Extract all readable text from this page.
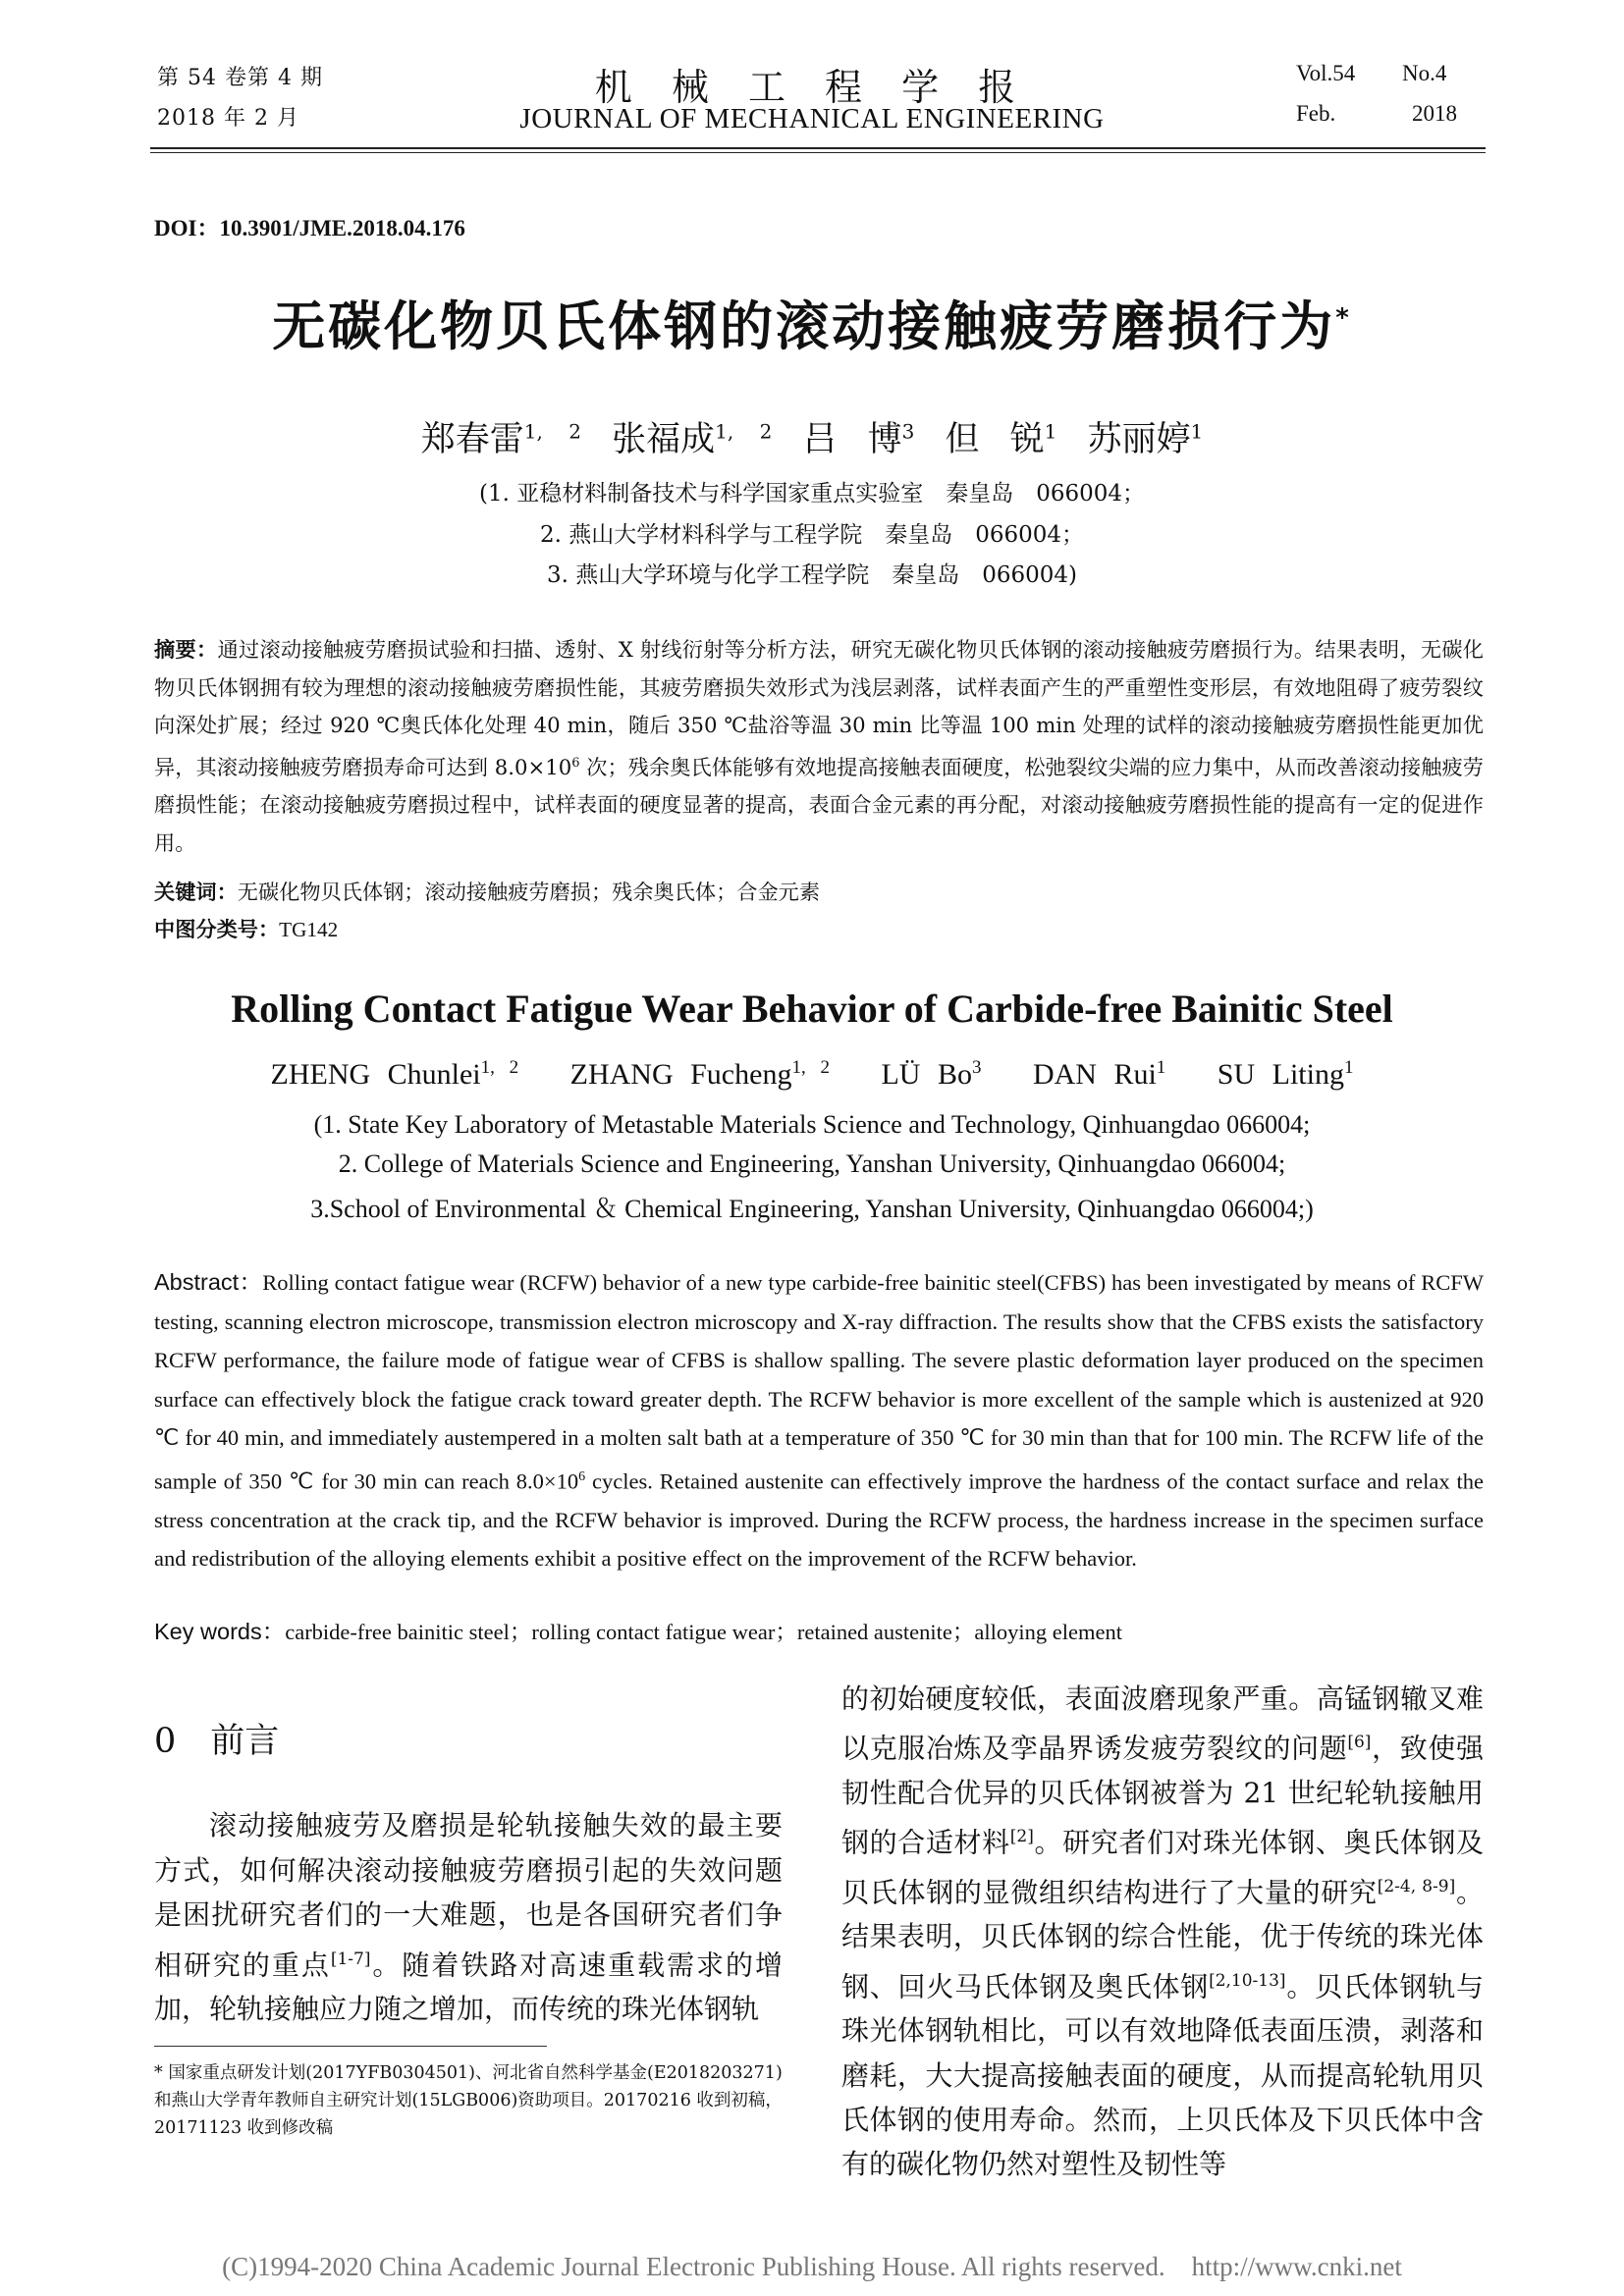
第 54 卷第 4 期
2018 年 2 月
机 械 工 程 学 报
JOURNAL OF MECHANICAL ENGINEERING
Vol.54 No.4
Feb.	2018
DOI：10.3901/JME.2018.04.176
无碳化物贝氏体钢的滚动接触疲劳磨损行为*
郑春雷$^{1, 2}$ 张福成$^{1, 2}$ 吕 博$^3$ 但 锐$^1$ 苏丽婷$^1$
(1. 亚稳材料制备技术与科学国家重点实验室　秦皇岛　066004；
2. 燕山大学材料科学与工程学院　秦皇岛　066004；
3. 燕山大学环境与化学工程学院　秦皇岛　066004)
摘要：通过滚动接触疲劳磨损试验和扫描、透射、X 射线衍射等分析方法，研究无碳化物贝氏体钢的滚动接触疲劳磨损行为。结果表明，无碳化物贝氏体钢拥有较为理想的滚动接触疲劳磨损性能，其疲劳磨损失效形式为浅层剥落，试样表面产生的严重塑性变形层，有效地阻碍了疲劳裂纹向深处扩展；经过 920 ℃奥氏体化处理 40 min，随后 350 ℃盐浴等温 30 min 比等温 100 min 处理的试样的滚动接触疲劳磨损性能更加优异，其滚动接触疲劳磨损寿命可达到 $8.0\times 10^6$ 次；残余奥氏体能够有效地提高接触表面硬度，松弛裂纹尖端的应力集中，从而改善滚动接触疲劳磨损性能；在滚动接触疲劳磨损过程中，试样表面的硬度显著的提高，表面合金元素的再分配，对滚动接触疲劳磨损性能的提高有一定的促进作用。
关键词：无碳化物贝氏体钢；滚动接触疲劳磨损；残余奥氏体；合金元素
中图分类号：TG142
Rolling Contact Fatigue Wear Behavior of Carbide-free Bainitic Steel
ZHENG Chunlei$^{1, 2}$ ZHANG Fucheng$^{1, 2}$ LÜ Bo$^3$ DAN Rui$^1$ SU Liting$^1$
(1. State Key Laboratory of Metastable Materials Science and Technology, Qinhuangdao 066004;
2. College of Materials Science and Engineering, Yanshan University, Qinhuangdao 066004;
3.School of Environmental ＆ Chemical Engineering, Yanshan University, Qinhuangdao 066004;)
Abstract：Rolling contact fatigue wear (RCFW) behavior of a new type carbide-free bainitic steel(CFBS) has been investigated by means of RCFW testing, scanning electron microscope, transmission electron microscopy and X-ray diffraction. The results show that the CFBS exists the satisfactory RCFW performance, the failure mode of fatigue wear of CFBS is shallow spalling. The severe plastic deformation layer produced on the specimen surface can effectively block the fatigue crack toward greater depth. The RCFW behavior is more excellent of the sample which is austenized at 920 ℃ for 40 min, and immediately austempered in a molten salt bath at a temperature of 350 ℃ for 30 min than that for 100 min. The RCFW life of the sample of 350 ℃ for 30 min can reach $8.0\times 10^6$ cycles. Retained austenite can effectively improve the hardness of the contact surface and relax the stress concentration at the crack tip, and the RCFW behavior is improved. During the RCFW process, the hardness increase in the specimen surface and redistribution of the alloying elements exhibit a positive effect on the improvement of the RCFW behavior.
Key words：carbide-free bainitic steel；rolling contact fatigue wear；retained austenite；alloying element
0　前言

滚动接触疲劳及磨损是轮轨接触失效的最主要方式，如何解决滚动接触疲劳磨损引起的失效问题是困扰研究者们的一大难题，也是各国研究者们争相研究的重点[1-7]。随着铁路对高速重载需求的增加，轮轨接触应力随之增加，而传统的珠光体钢轨

* 国家重点研发计划(2017YFB0304501)、河北省自然科学基金(E2018203271)和燕山大学青年教师自主研究计划(15LGB006)资助项目。20170216 收到初稿，20171123 收到修改稿

的初始硬度较低，表面波磨现象严重。高锰钢辙叉难以克服冶炼及孪晶界诱发疲劳裂纹的问题[6]，致使强韧性配合优异的贝氏体钢被誉为 21 世纪轮轨接触用钢的合适材料[2]。研究者们对珠光体钢、奥氏体钢及贝氏体钢的显微组织结构进行了大量的研究[2-4, 8-9]。结果表明，贝氏体钢的综合性能，优于传统的珠光体钢、回火马氏体钢及奥氏体钢[2,10-13]。贝氏体钢轨与珠光体钢轨相比，可以有效地降低表面压溃，剥落和磨耗，大大提高接触表面的硬度，从而提高轮轨用贝氏体钢的使用寿命。然而，上贝氏体及下贝氏体中含有的碳化物仍然对塑性及韧性等

(C)1994-2020 China Academic Journal Electronic Publishing House. All rights reserved.　http://www.cnki.net
